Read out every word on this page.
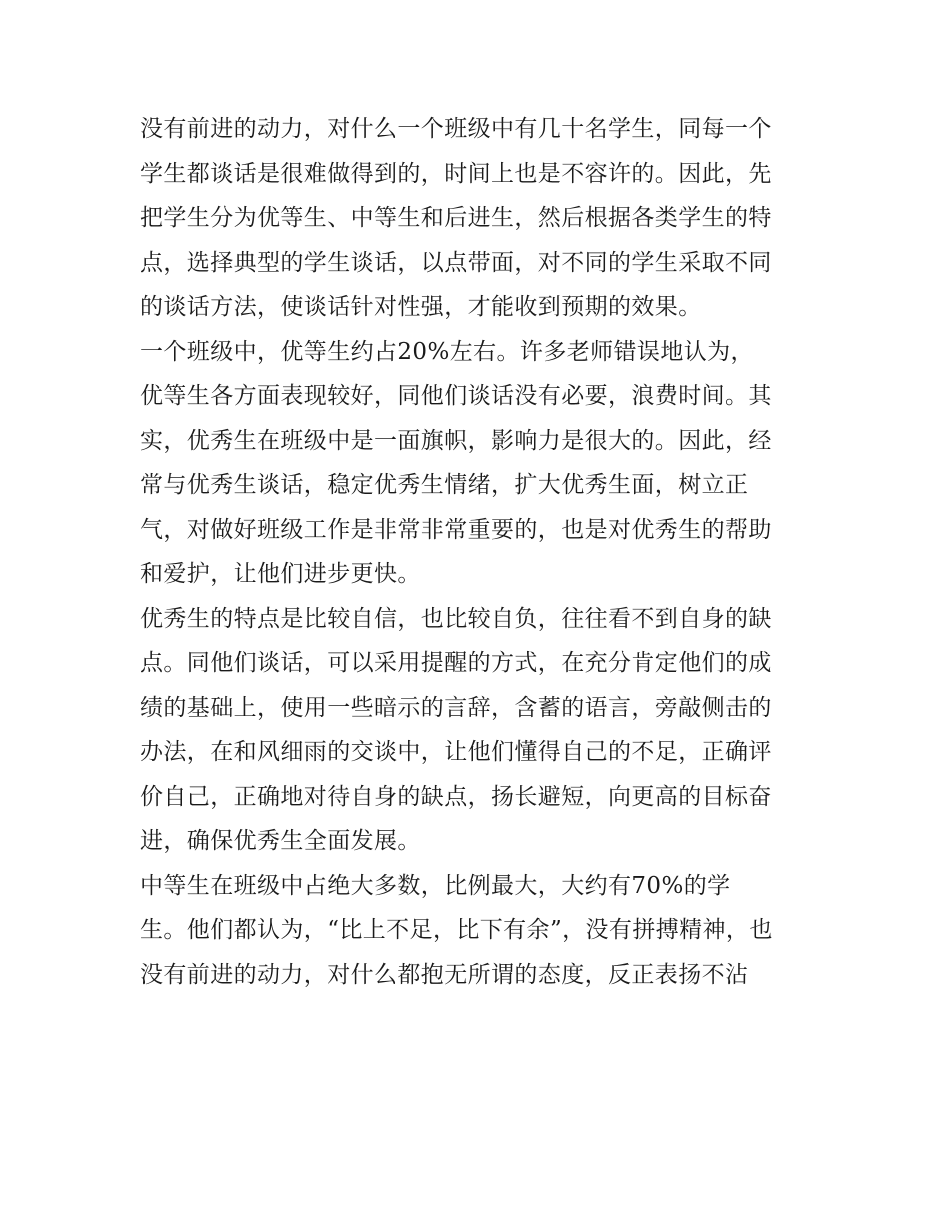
没有前进的动力，对什么一个班级中有几十名学生，同每一个
学生都谈话是很难做得到的，时间上也是不容许的。因此，先
把学生分为优等生、中等生和后进生，然后根据各类学生的特
点，选择典型的学生谈话，以点带面，对不同的学生采取不同
的谈话方法，使谈话针对性强，才能收到预期的效果。
一个班级中，优等生约占20%左右。许多老师错误地认为，
优等生各方面表现较好，同他们谈话没有必要，浪费时间。其
实，优秀生在班级中是一面旗帜，影响力是很大的。因此，经
常与优秀生谈话，稳定优秀生情绪，扩大优秀生面，树立正
气，对做好班级工作是非常非常重要的，也是对优秀生的帮助
和爱护，让他们进步更快。
优秀生的特点是比较自信，也比较自负，往往看不到自身的缺
点。同他们谈话，可以采用提醒的方式，在充分肯定他们的成
绩的基础上，使用一些暗示的言辞，含蓄的语言，旁敲侧击的
办法，在和风细雨的交谈中，让他们懂得自己的不足，正确评
价自己，正确地对待自身的缺点，扬长避短，向更高的目标奋
进，确保优秀生全面发展。
中等生在班级中占绝大多数，比例最大，大约有70%的学
生。他们都认为，“比上不足，比下有余”，没有拼搏精神，也
没有前进的动力，对什么都抱无所谓的态度，反正表扬不沾
